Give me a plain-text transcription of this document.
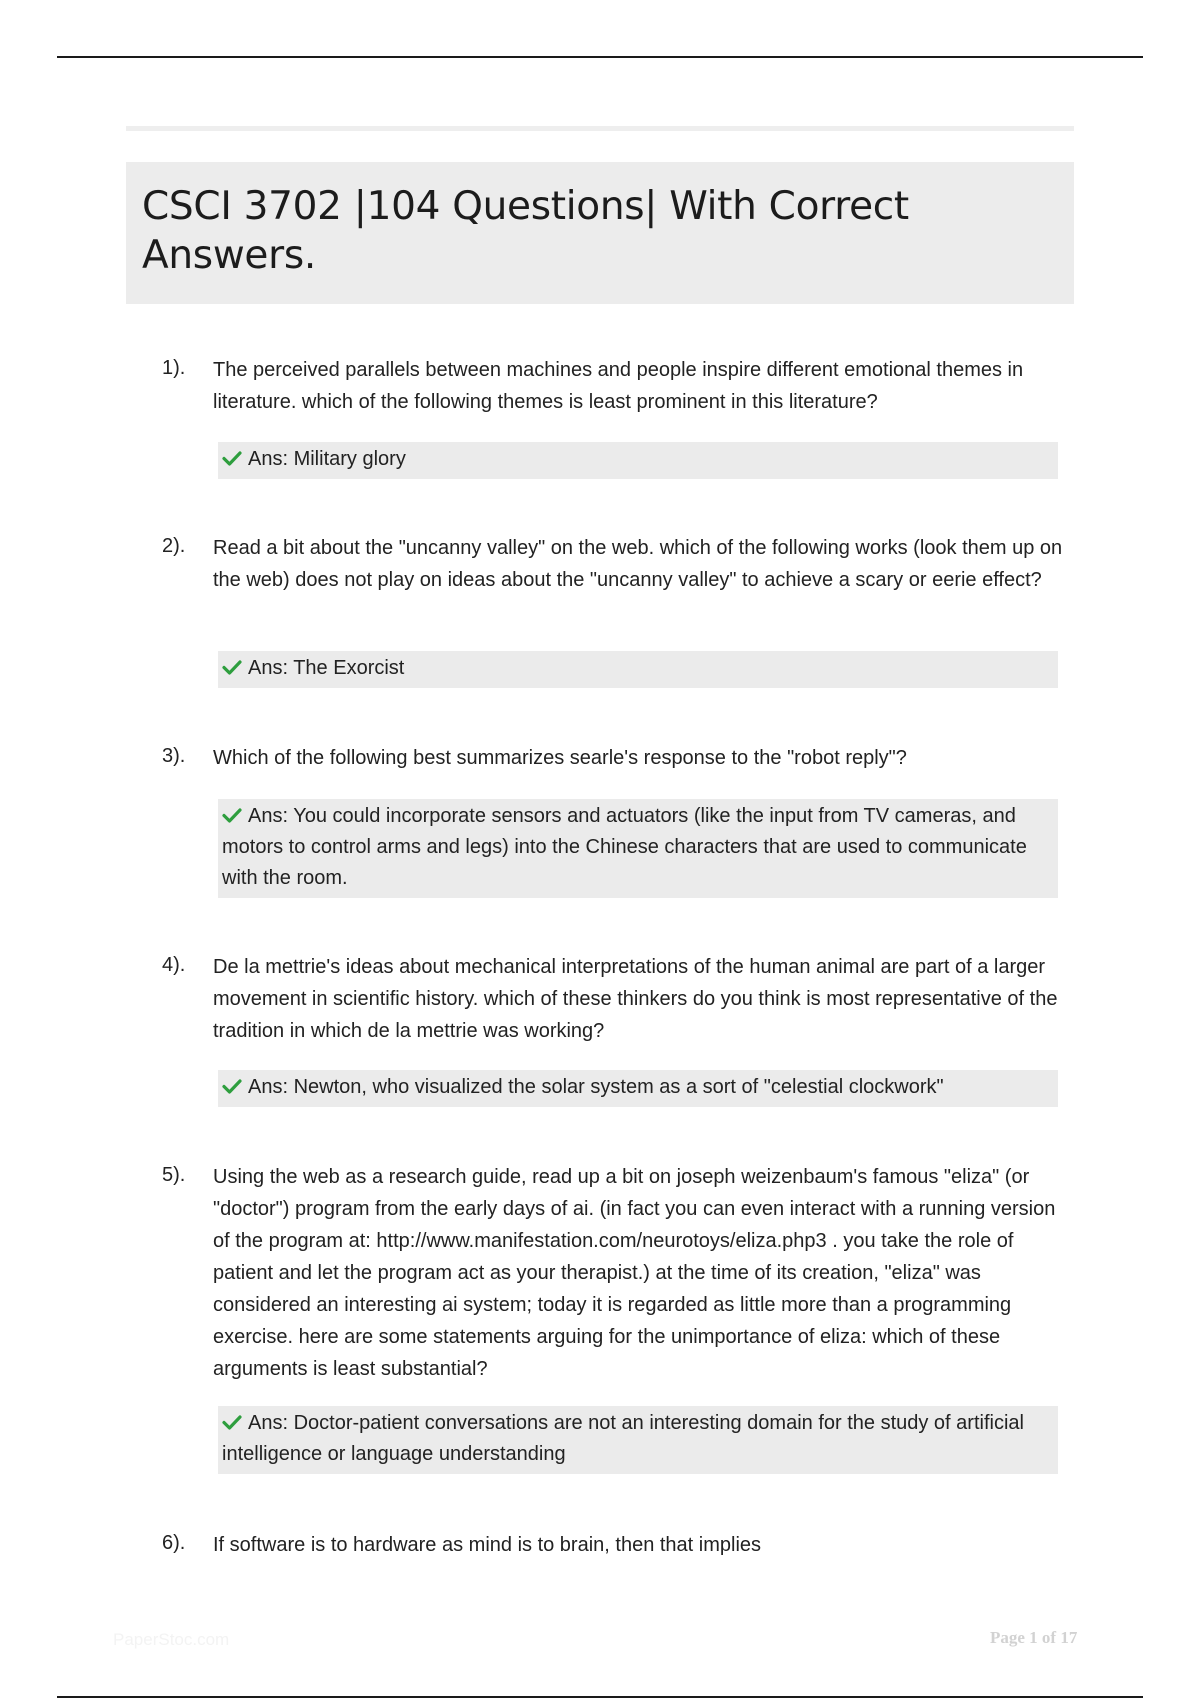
CSCI 3702 |104 Questions| With Correct Answers.
1). The perceived parallels between machines and people inspire different emotional themes in literature. which of the following themes is least prominent in this literature?
Ans: Military glory
2). Read a bit about the "uncanny valley" on the web. which of the following works (look them up on the web) does not play on ideas about the "uncanny valley" to achieve a scary or eerie effect?
Ans: The Exorcist
3). Which of the following best summarizes searle's response to the "robot reply"?
Ans: You could incorporate sensors and actuators (like the input from TV cameras, and motors to control arms and legs) into the Chinese characters that are used to communicate with the room.
4). De la mettrie's ideas about mechanical interpretations of the human animal are part of a larger movement in scientific history. which of these thinkers do you think is most representative of the tradition in which de la mettrie was working?
Ans: Newton, who visualized the solar system as a sort of "celestial clockwork"
5). Using the web as a research guide, read up a bit on joseph weizenbaum's famous "eliza" (or "doctor") program from the early days of ai. (in fact you can even interact with a running version of the program at: http://www.manifestation.com/neurotoys/eliza.php3 . you take the role of patient and let the program act as your therapist.) at the time of its creation, "eliza" was considered an interesting ai system; today it is regarded as little more than a programming exercise. here are some statements arguing for the unimportance of eliza: which of these arguments is least substantial?
Ans: Doctor-patient conversations are not an interesting domain for the study of artificial intelligence or language understanding
6). If software is to hardware as mind is to brain, then that implies
PaperStoc.com	Page 1 of 17
